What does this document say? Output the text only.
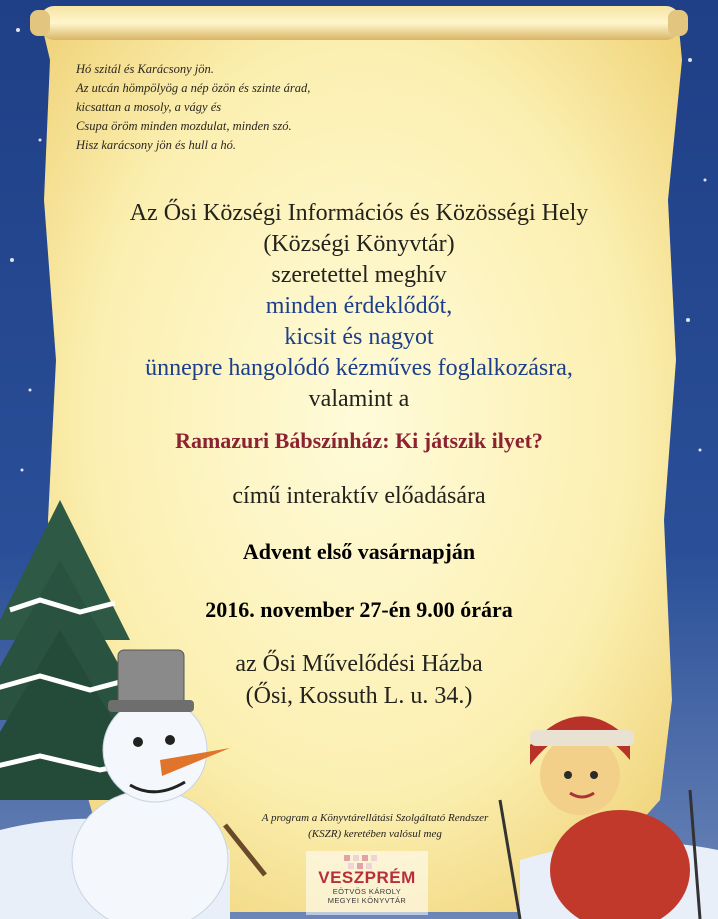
Hó szitál és Karácsony jön.
Az utcán hömpölyög a nép özön és szinte árad,
kicsattan a mosoly, a vágy és
Csupa öröm minden mozdulat, minden szó.
Hisz karácsony jön és hull a hó.
Az Ősi Községi Információs és Közösségi Hely
(Községi Könyvtár)
szeretettel meghív
minden érdeklődőt,
kicsit és nagyot
ünnepre hangolódó kézműves foglalkozásra,
valamint a
Ramazuri Bábszínház: Ki játszik ilyet?
című interaktív előadására
Advent első vasárnapján
2016. november 27-én 9.00 órára
az Ősi Művelődési Házba
(Ősi, Kossuth L. u. 34.)
A program a Könyvtárellátási Szolgáltató Rendszer
(KSZR) keretében valósul meg
VESZPRÉM
EÖTVÖS KÁROLY
MEGYEI KÖNYVTÁR
